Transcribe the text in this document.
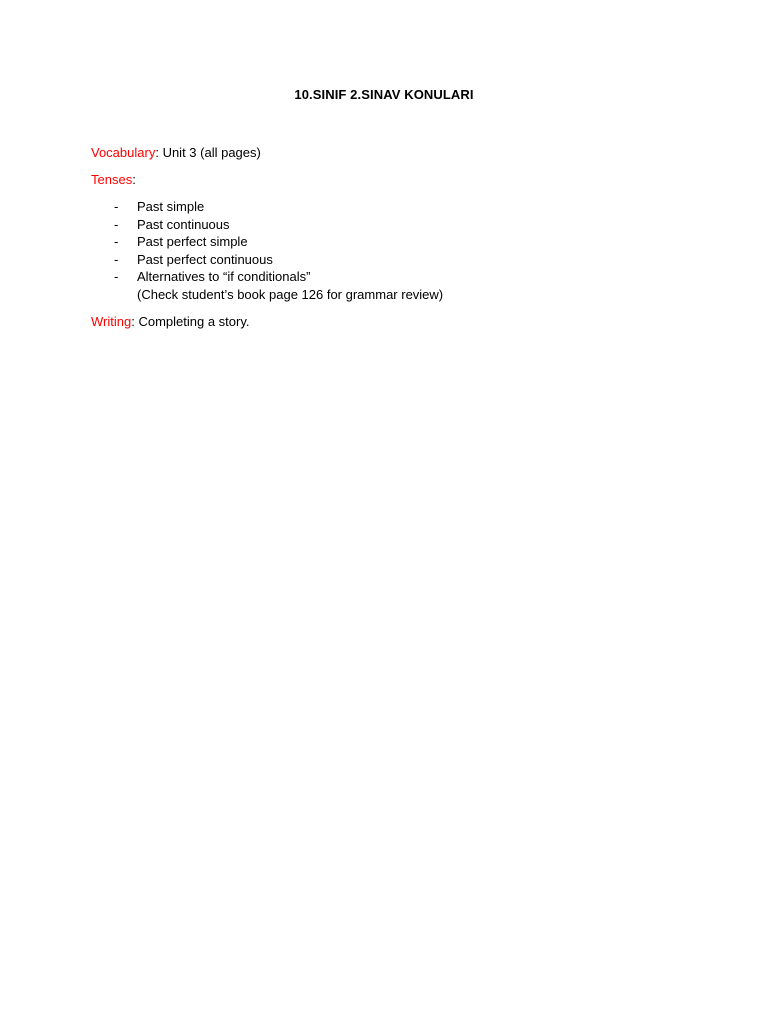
10.SINIF 2.SINAV KONULARI
Vocabulary: Unit 3 (all pages)
Tenses:
- Past simple
- Past continuous
- Past perfect simple
- Past perfect continuous
- Alternatives to “if conditionals”
(Check student’s book page 126 for grammar review)
Writing: Completing a story.
